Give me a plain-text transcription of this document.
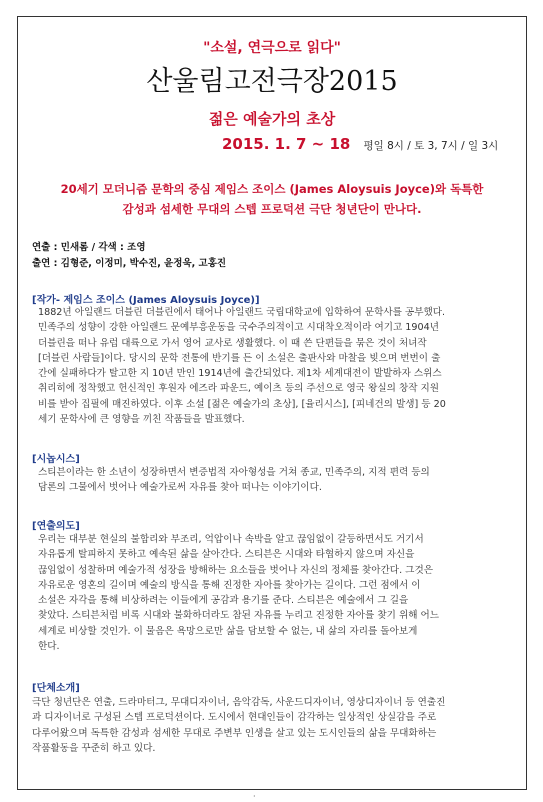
"소설, 연극으로 읽다"
산울림고전극장2015
젊은 예술가의 초상
2015. 1. 7 ~ 18 평일 8시 / 토 3, 7시 / 일 3시
20세기 모더니즘 문학의 중심 제임스 조이스 (James Aloysuis Joyce)와 독특한
감성과 섬세한 무대의 스텝 프로덕션 극단 청년단이 만나다.
연출 : 민새롬 / 각색 : 조영
출연 : 김형준, 이정미, 박수진, 윤정욱, 고홍진
[작가- 제임스 조이스 (James Aloysuis Joyce)]
1882년 아일랜드 더블린 더블린에서 태어나 아일랜드 국립대학교에 입학하여 문학사를 공부했다.
민족주의 성향이 강한 아일랜드 문예부흥운동을 국수주의적이고 시대착오적이라 여기고 1904년
더블린을 떠나 유럽 대륙으로 가서 영어 교사로 생활했다. 이 때 쓴 단편들을 묶은 것이 처녀작
[더블린 사람들]이다. 당시의 문학 전통에 반기를 든 이 소설은 출판사와 마찰을 빚으며 번번이 출
간에 실패하다가 탈고한 지 10년 만인 1914년에 출간되었다. 제1차 세계대전이 발발하자 스위스
취리히에 정착했고 헌신적인 후원자 에즈라 파운드, 예이츠 등의 주선으로 영국 왕실의 창작 지원
비를 받아 집필에 매진하였다. 이후 소설 [젊은 예술가의 초상], [율리시스], [피네건의 발생] 등 20
세기 문학사에 큰 영향을 끼친 작품들을 발표했다.
[시놉시스]
스티븐이라는 한 소년이 성장하면서 변증법적 자아형성을 거쳐 종교, 민족주의, 지적 편력 등의
담론의 그물에서 벗어나 예술가로써 자유를 찾아 떠나는 이야기이다.
[연출의도]
우리는 대부분 현실의 불합리와 부조리, 억압이나 속박을 알고 끊임없이 갈등하면서도 거기서
자유롭게 탈피하지 못하고 예속된 삶을 살아간다. 스티븐은 시대와 타협하지 않으며 자신을
끊임없이 성찰하며 예술가적 성장을 방해하는 요소들을 벗어나 자신의 정체를 찾아간다. 그것은
자유로운 영혼의 길이며 예술의 방식을 통해 진정한 자아를 찾아가는 길이다. 그런 점에서 이
소설은 자각을 통해 비상하려는 이들에게 공감과 용기를 준다. 스티븐은 예술에서 그 길을
찾았다. 스티븐처럼 비록 시대와 불화하더라도 참된 자유를 누리고 진정한 자아를 찾기 위해 어느
세계로 비상할 것인가. 이 물음은 욕망으로만 삶을 담보할 수 없는, 내 삶의 자리를 돌아보게
한다.
[단체소개]
극단 청년단은 연출, 드라마터그, 무대디자이너, 음악감독, 사운드디자이너, 영상디자이너 등 연출진
과 디자이너로 구성된 스텝 프로덕션이다. 도시에서 현대인들이 감각하는 일상적인 상실감을 주로
다루어왔으며 독특한 감성과 섬세한 무대로 주변부 인생을 살고 있는 도시인들의 삶을 무대화하는
작품활동을 꾸준히 하고 있다.
·
